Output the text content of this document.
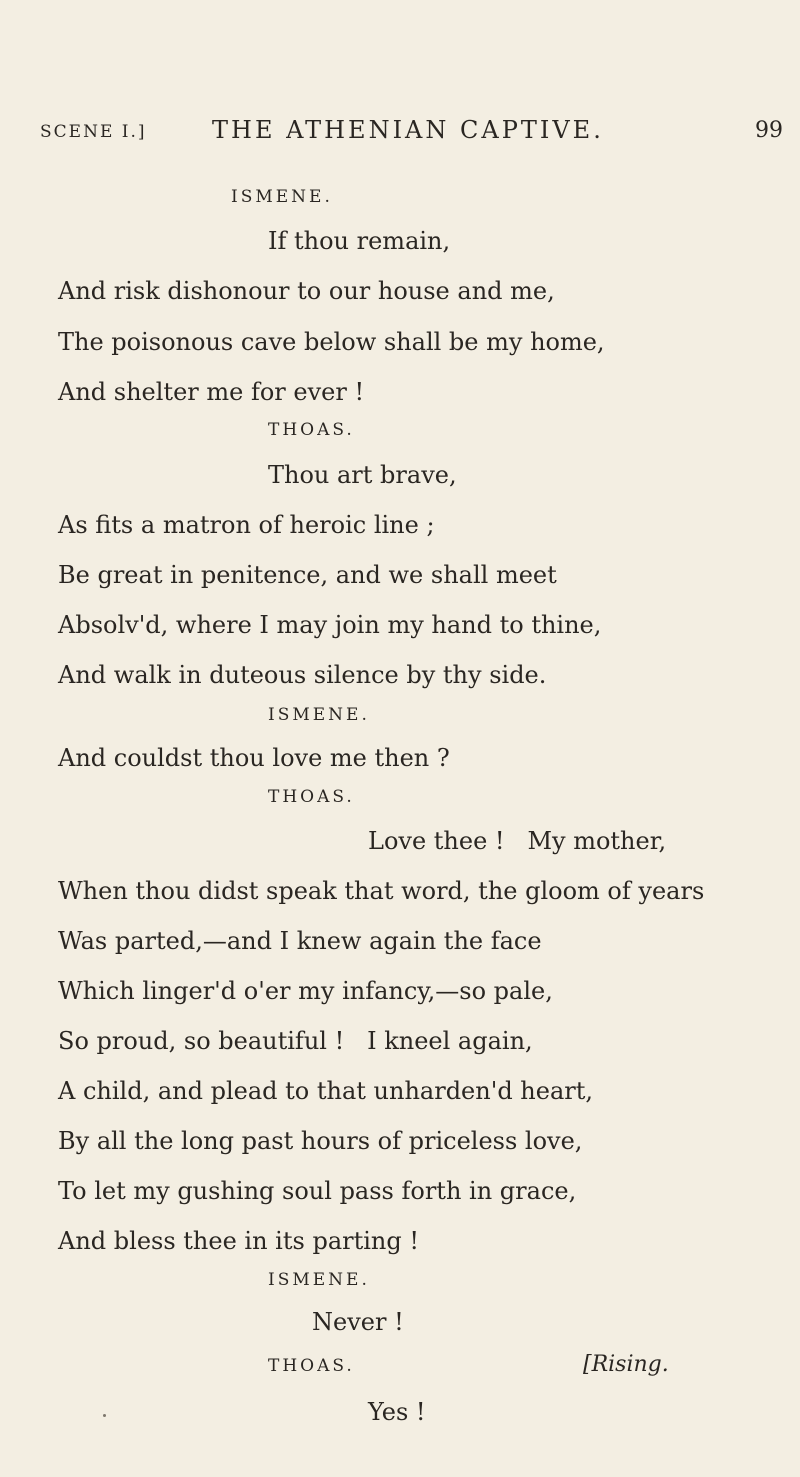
SCENE I.]	THE ATHENIAN CAPTIVE.	99
ISMENE.
If thou remain,
And risk dishonour to our house and me,
The poisonous cave below shall be my home,
And shelter me for ever !
THOAS.
Thou art brave,
As fits a matron of heroic line ;
Be great in penitence, and we shall meet
Absolv'd, where I may join my hand to thine,
And walk in duteous silence by thy side.
ISMENE.
And couldst thou love me then ?
THOAS.
Love thee !   My mother,
When thou didst speak that word, the gloom of years
Was parted,—and I knew again the face
Which linger'd o'er my infancy,—so pale,
So proud, so beautiful !   I kneel again,
A child, and plead to that unharden'd heart,
By all the long past hours of priceless love,
To let my gushing soul pass forth in grace,
And bless thee in its parting !
ISMENE.
Never !
THOAS.	[Rising.
Yes !
